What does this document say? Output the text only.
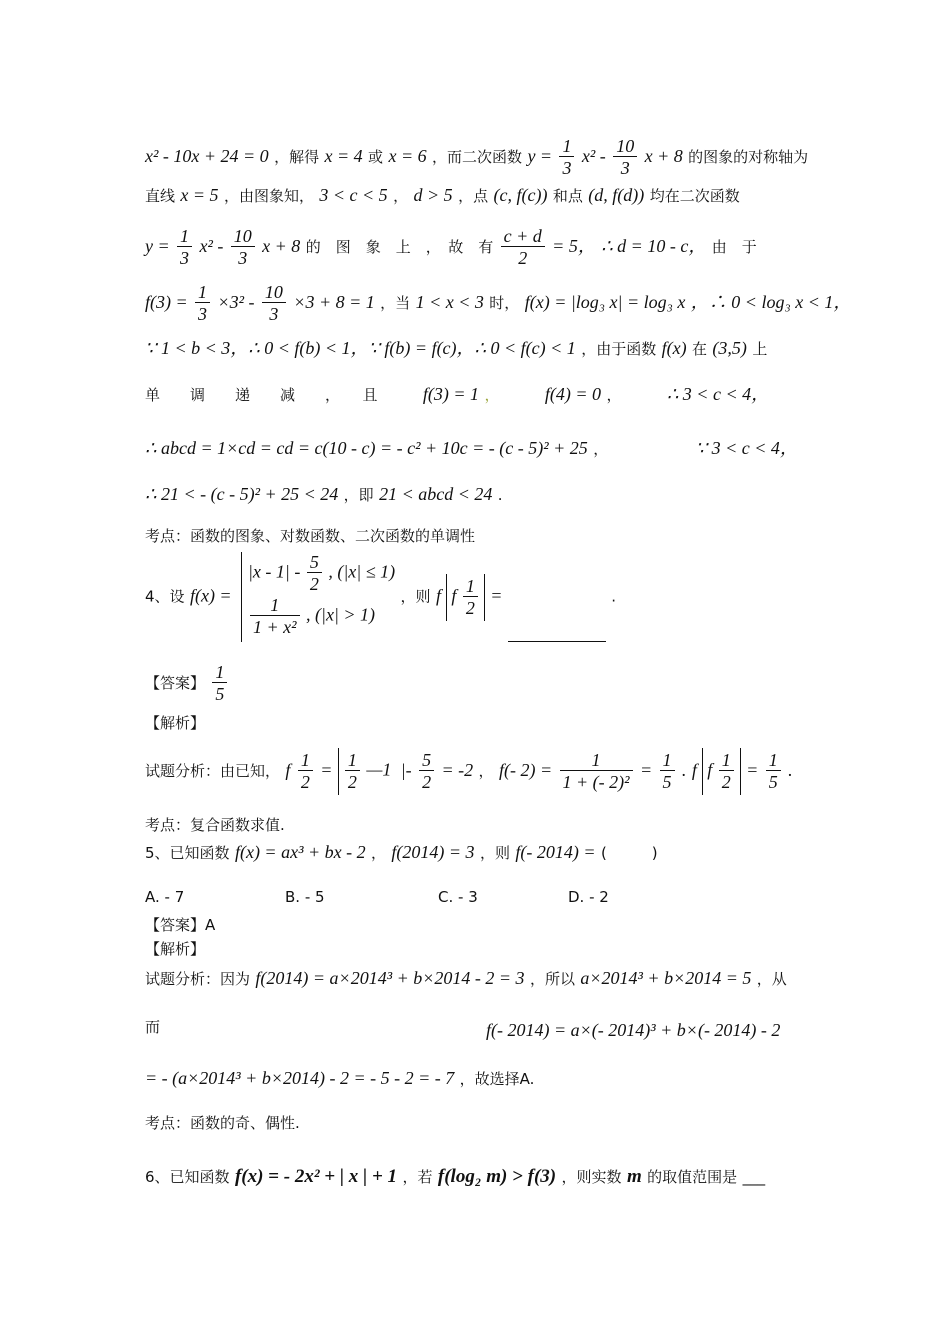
x² - 10x + 24 = 0 ，解得 x = 4 或 x = 6 ，而二次函数 $y = \frac{1}{3} x^2 - \frac{10}{3}$ x + 8 的图象的对称轴为
直线 x = 5 ，由图象知， 3 < c < 5 ， d > 5 ，点 (c, f(c)) 和点 (d, f(d)) 均在二次函数
$y = \frac{1}{3} x^2 - \frac{10}{3}$ x + 8 的　图　象　上　，　故　有 $\frac{c + d}{2} = 5$， ∴ d = 10 - c， 由　于
$f(3) = \frac{1}{3} \times 3^2 - \frac{10}{3} \times 3 + 8 = 1$ ，当 1 < x < 3 时， f(x) = |log₃ x| = log₃ x ，∴ 0 < log₃ x < 1，
∵ 1 < b < 3，∴ 0 < f(b) < 1，∵ f(b) = f(c)，∴ 0 < f(c) < 1 ，由于函数 f(x) 在 (3,5) 上
单　　调　　递　　减　　，　　且	f(3) = 1 ，	f(4) = 0 ，	∴ 3 < c < 4，
∴ abcd = 1×cd = cd = c(10 - c) = - c² + 10c = - (c - 5)² + 25 ，	∵ 3 < c < 4，
∴ 21 < - (c - 5)² + 25 < 24 ，即 21 < abcd < 24 .
考点：函数的图象、对数函数、二次函数的单调性
4、设 f(x) =
$|x - 1| - \frac{5}{2}$ , (|x| ≤ 1)
$\frac{1}{\text{1 + x²}}$ , (|x| > 1)
，则 f f $\frac{1}{2}$ =	.
【答案】 $\frac{1}{5}$
【解析】
试题分析：由已知， f $\frac{1}{2} = \frac{1}{2}$ —1 |- $\frac{5}{2} = -2$ ， f(- $2) = \frac{1}{\text{1 + (- 2)²}} = \frac{1}{5}$ . f f $\frac{1}{2} = \frac{1}{5}$ .
考点：复合函数求值.
5、已知函数 f(x) = ax³ + bx - 2 ， f(2014) = 3 ，则 f(- 2014) = (　　　)
A. - 7	B. - 5	C. - 3	D. - 2
【答案】A
【解析】
试题分析：因为 f(2014) = a×2014³ + b×2014 - 2 = 3 ，所以 a×2014³ + b×2014 = 5 ，从
而	f(- 2014) = a×(- 2014)³ + b×(- 2014) - 2
= - (a×2014³ + b×2014) - 2 = - 5 - 2 = - 7 ，故选择A.
考点：函数的奇、偶性.
6、已知函数 f(x) = - 2x² + | x | + 1 ，若 f(log₂ m) > f(3) ，则实数 m 的取值范围是 ___
